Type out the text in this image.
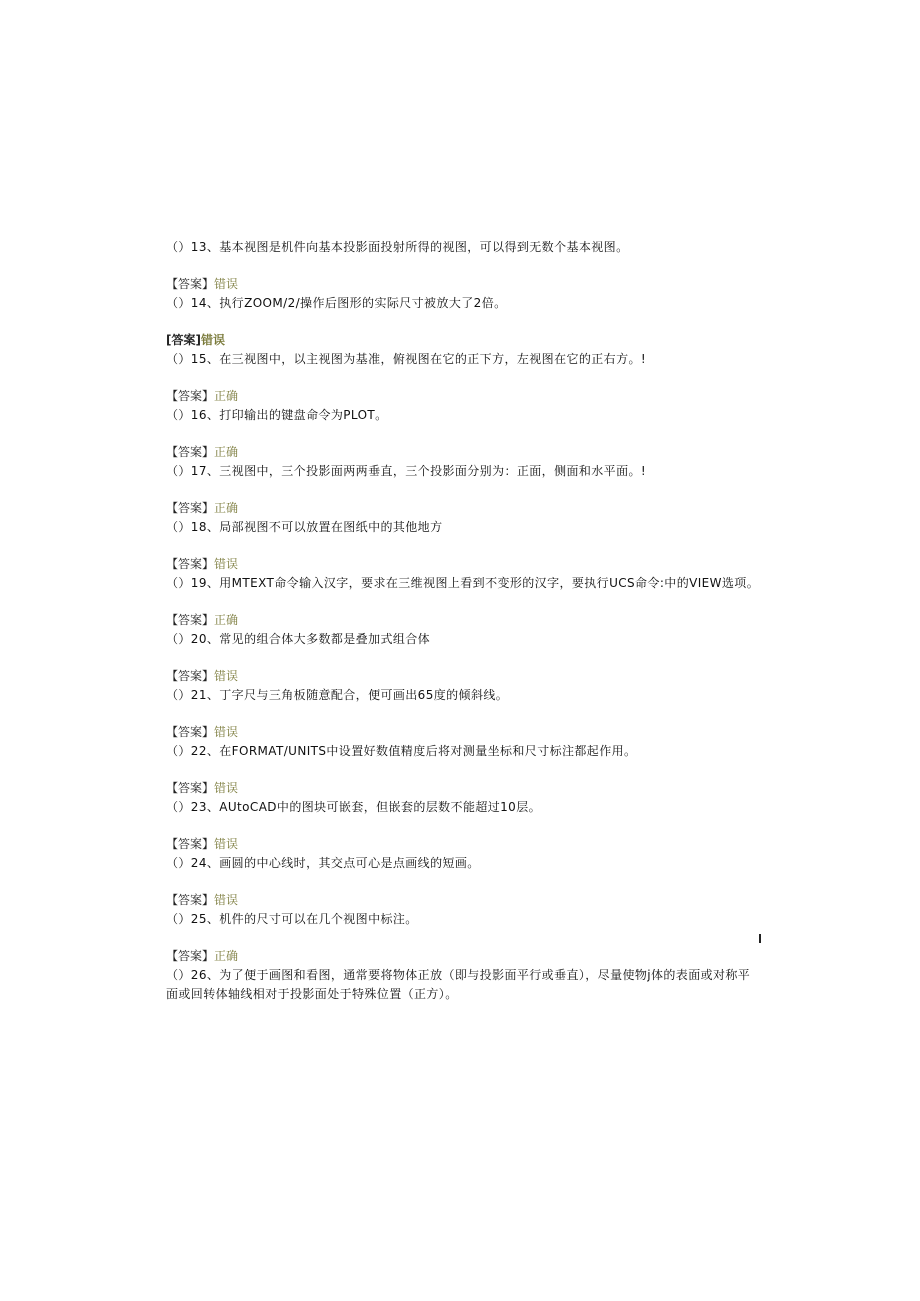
（）13、基本视图是机件向基本投影面投射所得的视图，可以得到无数个基本视图。
【答案】错误
（）14、执行ZOOM/2/操作后图形的实际尺寸被放大了2倍。
[答案]错误
（）15、在三视图中，以主视图为基准，俯视图在它的正下方，左视图在它的正右方。!
【答案】正确
（）16、打印输出的键盘命令为PLOT。
【答案】正确
（）17、三视图中，三个投影面两两垂直，三个投影面分别为：正面，侧面和水平面。!
【答案】正确
（）18、局部视图不可以放置在图纸中的其他地方
【答案】错误
（）19、用MTEXT命令输入汉字，要求在三维视图上看到不变形的汉字，要执行UCS命令:中的VIEW选项。
【答案】正确
（）20、常见的组合体大多数都是叠加式组合体
【答案】错误
（）21、丁字尺与三角板随意配合，便可画出65度的倾斜线。
【答案】错误
（）22、在FORMAT/UNITS中设置好数值精度后将对测量坐标和尺寸标注都起作用。
【答案】错误
（）23、AUtoCAD中的图块可嵌套，但嵌套的层数不能超过10层。
【答案】错误
（）24、画圆的中心线时，其交点可心是点画线的短画。
【答案】错误
（）25、机件的尺寸可以在几个视图中标注。
【答案】正确
（）26、为了便于画图和看图，通常要将物体正放（即与投影面平行或垂直），尽量使物j体的表面或对称平面或回转体轴线相对于投影面处于特殊位置（正方）。
